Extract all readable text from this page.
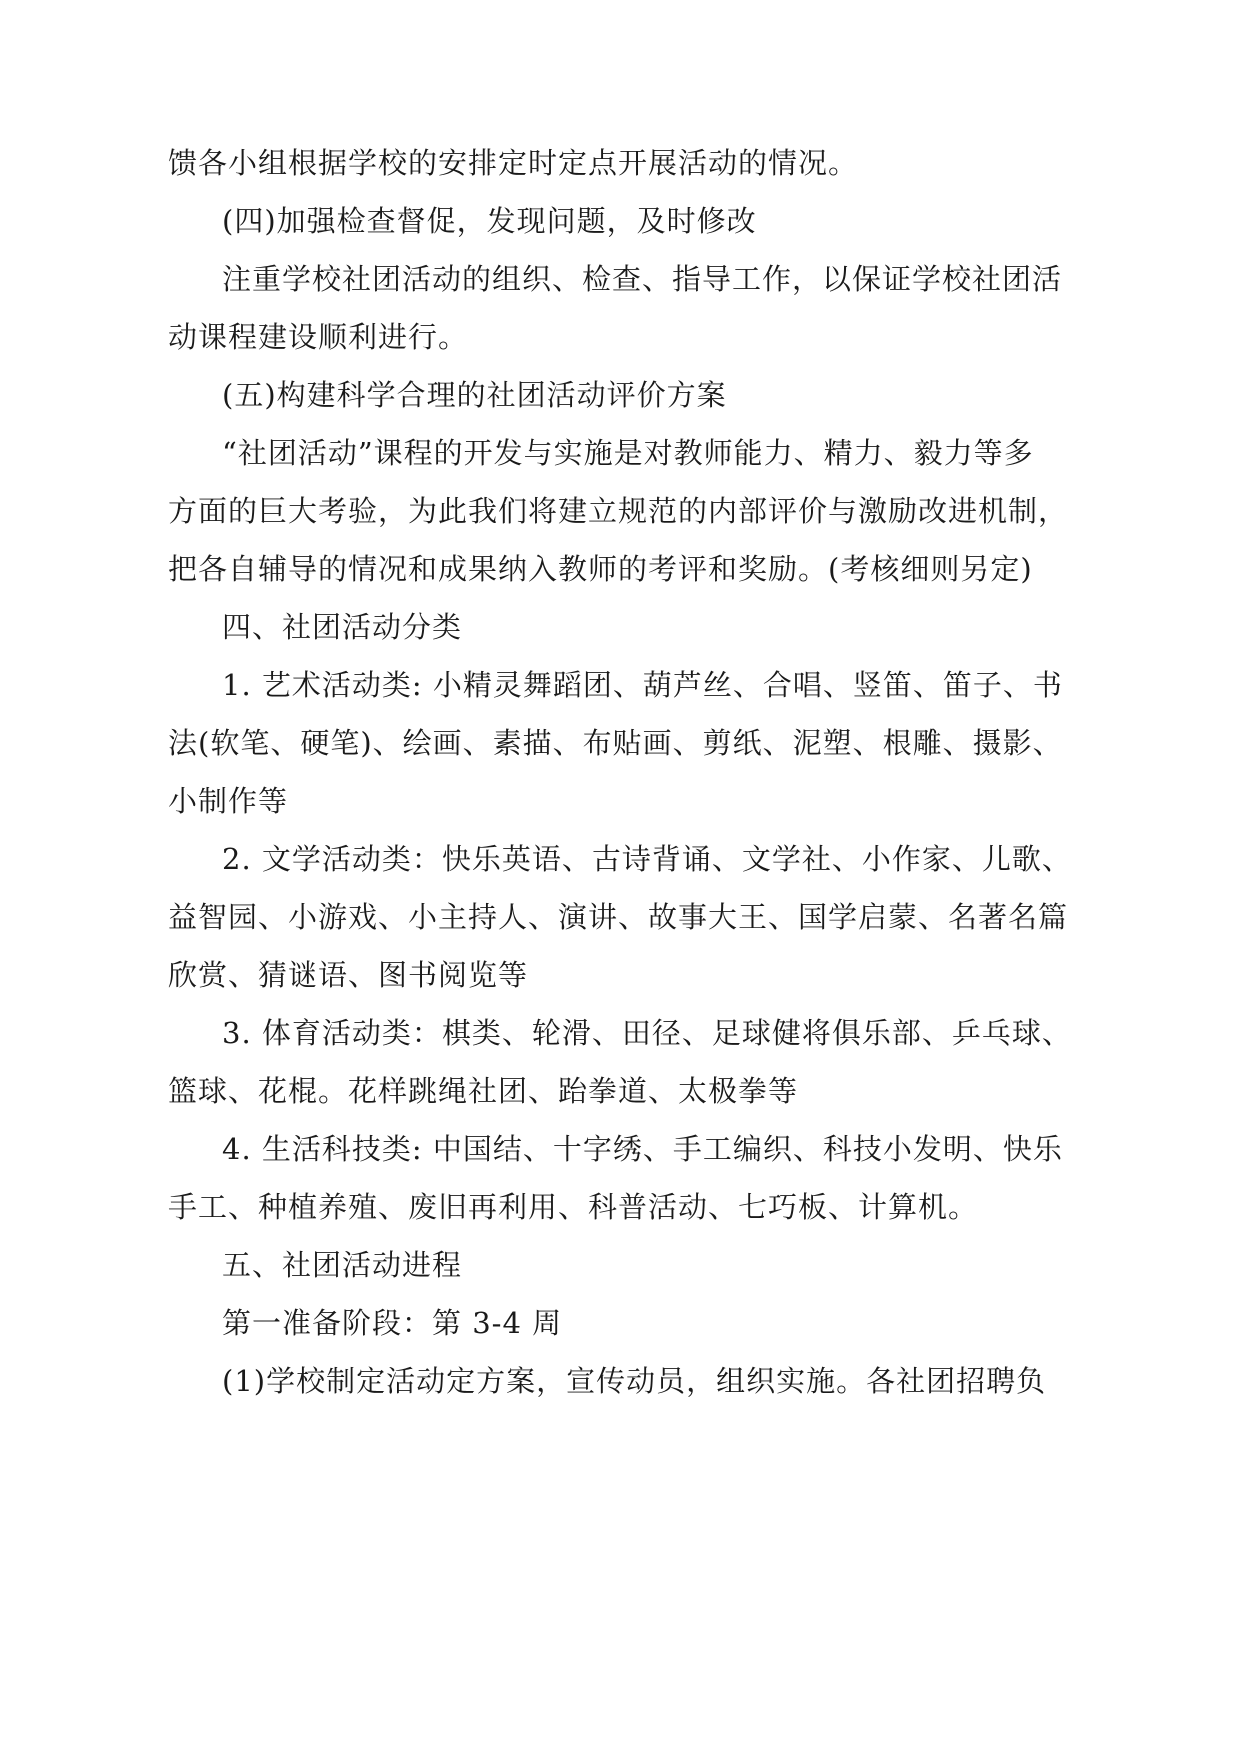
馈各小组根据学校的安排定时定点开展活动的情况。
(四)加强检查督促，发现问题，及时修改
注重学校社团活动的组织、检查、指导工作，以保证学校社团活
动课程建设顺利进行。
(五)构建科学合理的社团活动评价方案
“社团活动”课程的开发与实施是对教师能力、精力、毅力等多
方面的巨大考验，为此我们将建立规范的内部评价与激励改进机制，
把各自辅导的情况和成果纳入教师的考评和奖励。(考核细则另定)
四、社团活动分类
1. 艺术活动类: 小精灵舞蹈团、葫芦丝、合唱、竖笛、笛子、书
法(软笔、硬笔)、绘画、素描、布贴画、剪纸、泥塑、根雕、摄影、
小制作等
2. 文学活动类：快乐英语、古诗背诵、文学社、小作家、儿歌、
益智园、小游戏、小主持人、演讲、故事大王、国学启蒙、名著名篇
欣赏、猜谜语、图书阅览等
3. 体育活动类：棋类、轮滑、田径、足球健将俱乐部、乒乓球、
篮球、花棍。花样跳绳社团、跆拳道、太极拳等
4. 生活科技类: 中国结、十字绣、手工编织、科技小发明、快乐
手工、种植养殖、废旧再利用、科普活动、七巧板、计算机。
五、社团活动进程
第一准备阶段：第 3-4 周
(1)学校制定活动定方案，宣传动员，组织实施。各社团招聘负
